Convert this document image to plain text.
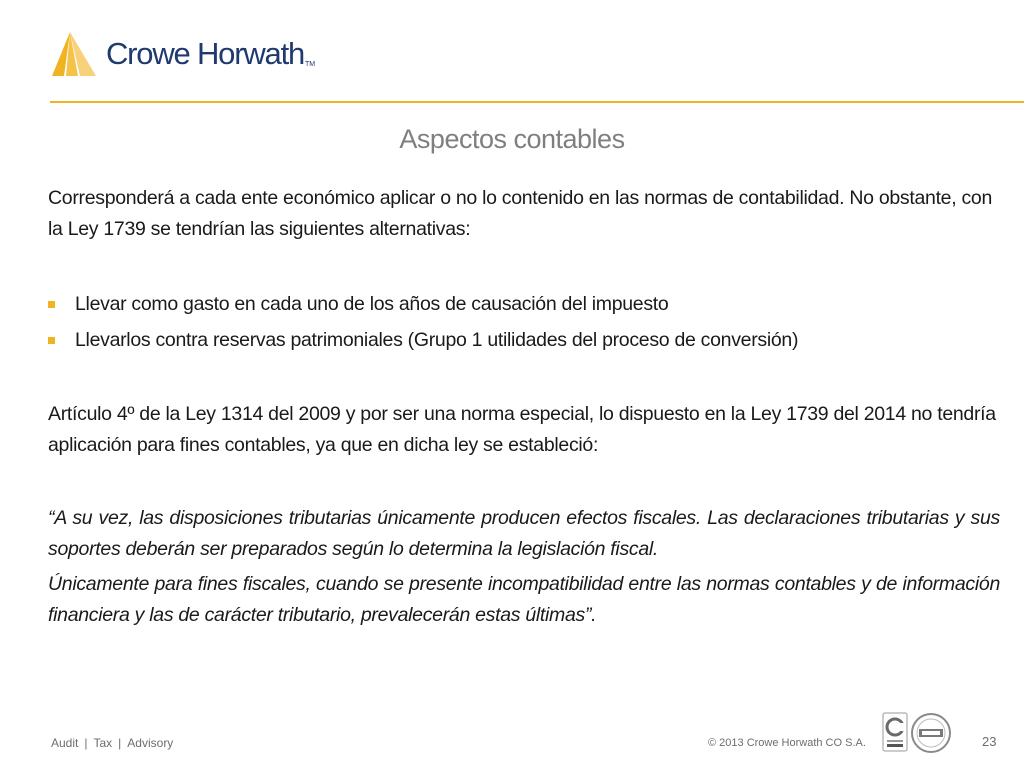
Crowe Horwath TM
Aspectos contables
Corresponderá a cada ente económico aplicar o no lo contenido en las normas de contabilidad. No obstante, con la Ley 1739 se tendrían las siguientes alternativas:
Llevar como gasto en cada uno de los años de causación del impuesto
Llevarlos contra reservas patrimoniales (Grupo 1 utilidades del proceso de conversión)
Artículo 4º de la Ley 1314 del 2009 y por ser una norma especial, lo dispuesto en la Ley 1739 del 2014 no tendría aplicación para fines contables, ya que en dicha ley se estableció:

“A su vez, las disposiciones tributarias únicamente producen efectos fiscales. Las declaraciones tributarias y sus soportes deberán ser preparados según lo determina la legislación fiscal.

Únicamente para fines fiscales, cuando se presente incompatibilidad entre las normas contables y de información financiera y las de carácter tributario, prevalecerán estas últimas”.

Audit | Tax | Advisory	© 2013 Crowe Horwath CO S.A.	23
